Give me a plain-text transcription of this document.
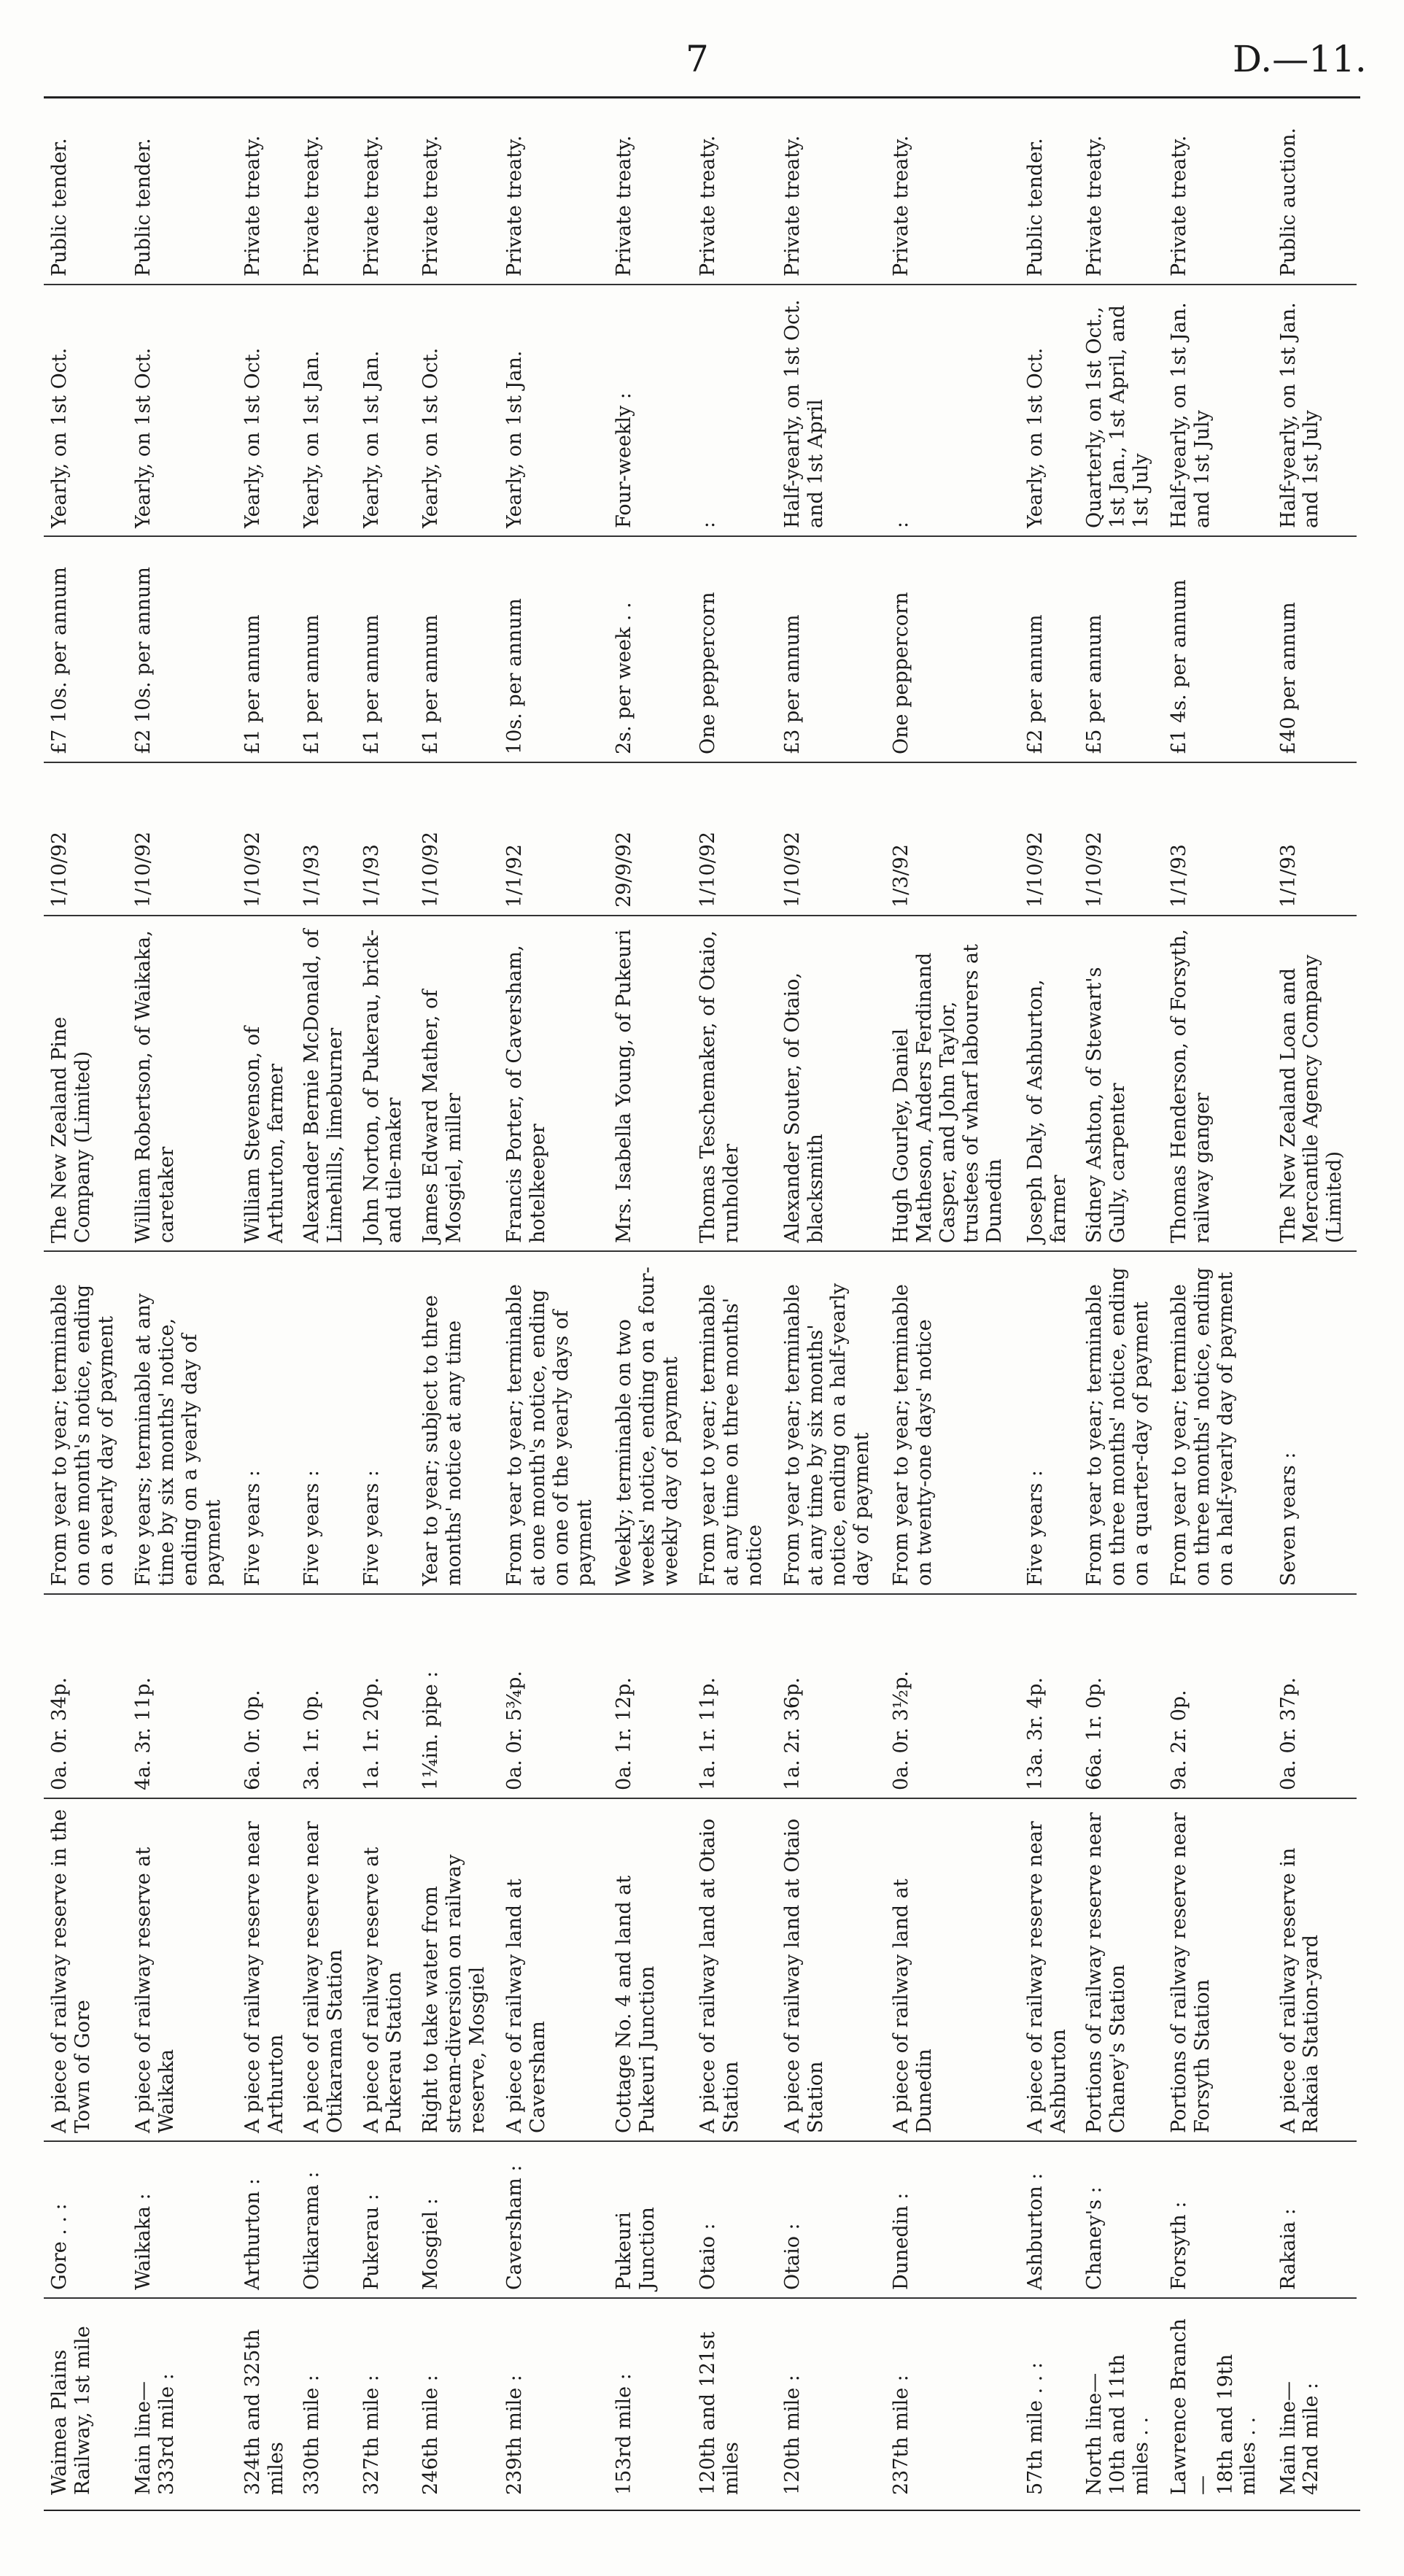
7	D.—11.
Waimea Plains Railway, 1st mile	Gore . . :	A piece of railway reserve in the Town of Gore	0a. 0r. 34p.	From year to year; terminable on one month's notice, ending on a yearly day of payment	The New Zealand Pine Company (Limited)	1/10/92	£7 10s. per annum	Yearly, on 1st Oct.	Public tender.
Main line—
333rd mile :	Waikaka :	A piece of railway reserve at Waikaka	4a. 3r. 11p.	Five years; terminable at any time by six months' notice, ending on a yearly day of payment	William Robertson, of Waikaka, caretaker	1/10/92	£2 10s. per annum	Yearly, on 1st Oct.	Public tender.
324th and 325th miles	Arthurton :	A piece of railway reserve near Arthurton	6a. 0r. 0p.	Five years :	William Stevenson, of Arthurton, farmer	1/10/92	£1 per annum	Yearly, on 1st Oct.	Private treaty.
330th mile :	Otikarama :	A piece of railway reserve near Otikarama Station	3a. 1r. 0p.	Five years :	Alexander Bernie McDonald, of Limehills, limeburner	1/1/93	£1 per annum	Yearly, on 1st Jan.	Private treaty.
327th mile :	Pukerau :	A piece of railway reserve at Pukerau Station	1a. 1r. 20p.	Five years :	John Norton, of Pukerau, brick- and tile-maker	1/1/93	£1 per annum	Yearly, on 1st Jan.	Private treaty.
246th mile :	Mosgiel :	Right to take water from stream-diversion on railway reserve, Mosgiel	1¼in. pipe :	Year to year; subject to three months' notice at any time	James Edward Mather, of Mosgiel, miller	1/10/92	£1 per annum	Yearly, on 1st Oct.	Private treaty.
239th mile :	Caversham :	A piece of railway land at Caversham	0a. 0r. 5¾p.	From year to year; terminable at one month's notice, ending on one of the yearly days of payment	Francis Porter, of Caversham, hotelkeeper	1/1/92	10s. per annum	Yearly, on 1st Jan.	Private treaty.
153rd mile :	Pukeuri Junction	Cottage No. 4 and land at Pukeuri Junction	0a. 1r. 12p.	Weekly; terminable on two weeks' notice, ending on a four-weekly day of payment	Mrs. Isabella Young, of Pukeuri	29/9/92	2s. per week . .	Four-weekly :	Private treaty.
120th and 121st miles	Otaio :	A piece of railway land at Otaio Station	1a. 1r. 11p.	From year to year; terminable at any time on three months' notice	Thomas Teschemaker, of Otaio, runholder	1/10/92	One peppercorn	:	Private treaty.
120th mile :	Otaio :	A piece of railway land at Otaio Station	1a. 2r. 36p.	From year to year; terminable at any time by six months' notice, ending on a half-yearly day of payment	Alexander Souter, of Otaio, blacksmith	1/10/92	£3 per annum	Half-yearly, on 1st Oct. and 1st April	Private treaty.
237th mile :	Dunedin :	A piece of railway land at Dunedin	0a. 0r. 3½p.	From year to year; terminable on twenty-one days' notice	Hugh Gourley, Daniel Matheson, Anders Ferdinand Casper, and John Taylor, trustees of wharf labourers at Dunedin	1/3/92	One peppercorn	:	Private treaty.
57th mile . . :	Ashburton :	A piece of railway reserve near Ashburton	13a. 3r. 4p.	Five years :	Joseph Daly, of Ashburton, farmer	1/10/92	£2 per annum	Yearly, on 1st Oct.	Public tender.
North line—
10th and 11th miles . .	Chaney's :	Portions of railway reserve near Chaney's Station	66a. 1r. 0p.	From year to year; terminable on three months' notice, ending on a quarter-day of payment	Sidney Ashton, of Stewart's Gully, carpenter	1/10/92	£5 per annum	Quarterly, on 1st Oct., 1st Jan., 1st April, and 1st July	Private treaty.
Lawrence Branch—
18th and 19th miles . .	Forsyth :	Portions of railway reserve near Forsyth Station	9a. 2r. 0p.	From year to year; terminable on three months' notice, ending on a half-yearly day of payment	Thomas Henderson, of Forsyth, railway ganger	1/1/93	£1 4s. per annum	Half-yearly, on 1st Jan. and 1st July	Private treaty.
Main line—
42nd mile :	Rakaia :	A piece of railway reserve in Rakaia Station-yard	0a. 0r. 37p.	Seven years :	The New Zealand Loan and Mercantile Agency Company (Limited)	1/1/93	£40 per annum	Half-yearly, on 1st Jan. and 1st July	Public auction.
